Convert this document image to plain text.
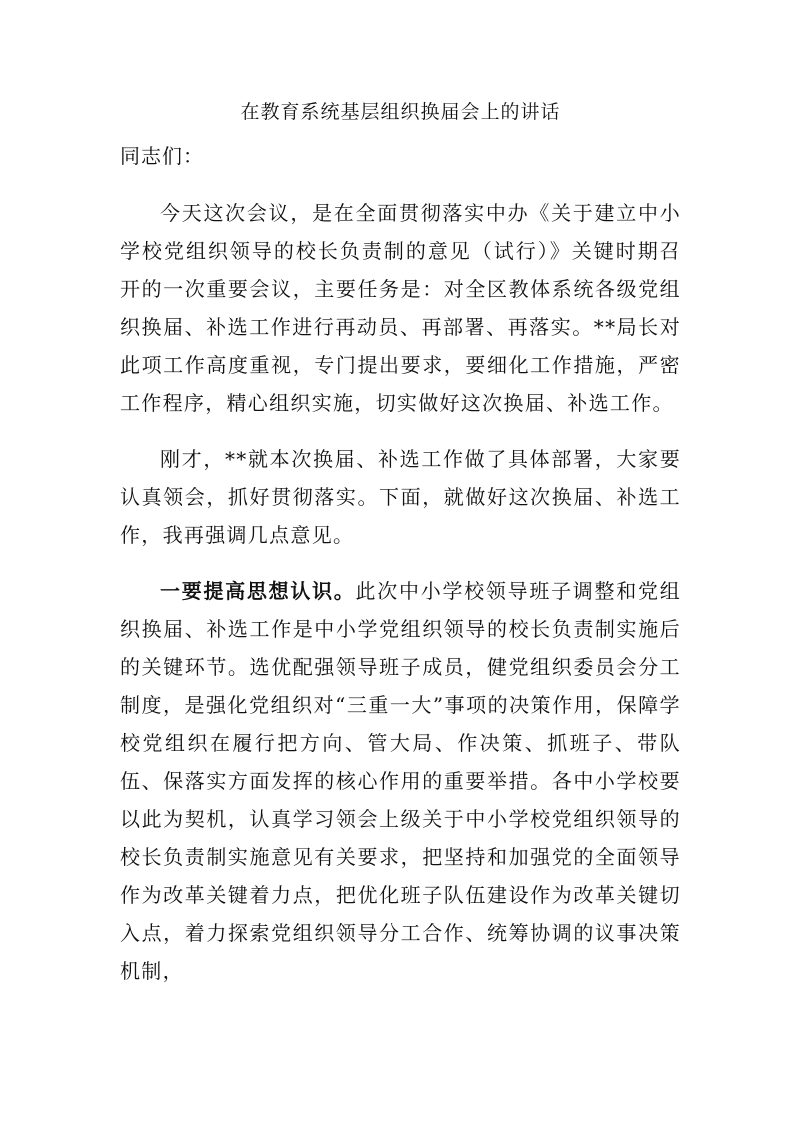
在教育系统基层组织换届会上的讲话
同志们：

今天这次会议，是在全面贯彻落实中办《关于建立中小学校党组织领导的校长负责制的意见（试行）》关键时期召开的一次重要会议，主要任务是：对全区教体系统各级党组织换届、补选工作进行再动员、再部署、再落实。**局长对此项工作高度重视，专门提出要求，要细化工作措施，严密工作程序，精心组织实施，切实做好这次换届、补选工作。

刚才，**就本次换届、补选工作做了具体部署，大家要认真领会，抓好贯彻落实。下面，就做好这次换届、补选工作，我再强调几点意见。

一要提高思想认识。此次中小学校领导班子调整和党组织换届、补选工作是中小学党组织领导的校长负责制实施后的关键环节。选优配强领导班子成员，健党组织委员会分工制度，是强化党组织对“三重一大”事项的决策作用，保障学校党组织在履行把方向、管大局、作决策、抓班子、带队伍、保落实方面发挥的核心作用的重要举措。各中小学校要以此为契机，认真学习领会上级关于中小学校党组织领导的校长负责制实施意见有关要求，把坚持和加强党的全面领导作为改革关键着力点，把优化班子队伍建设作为改革关键切入点，着力探索党组织领导分工合作、统筹协调的议事决策机制，
